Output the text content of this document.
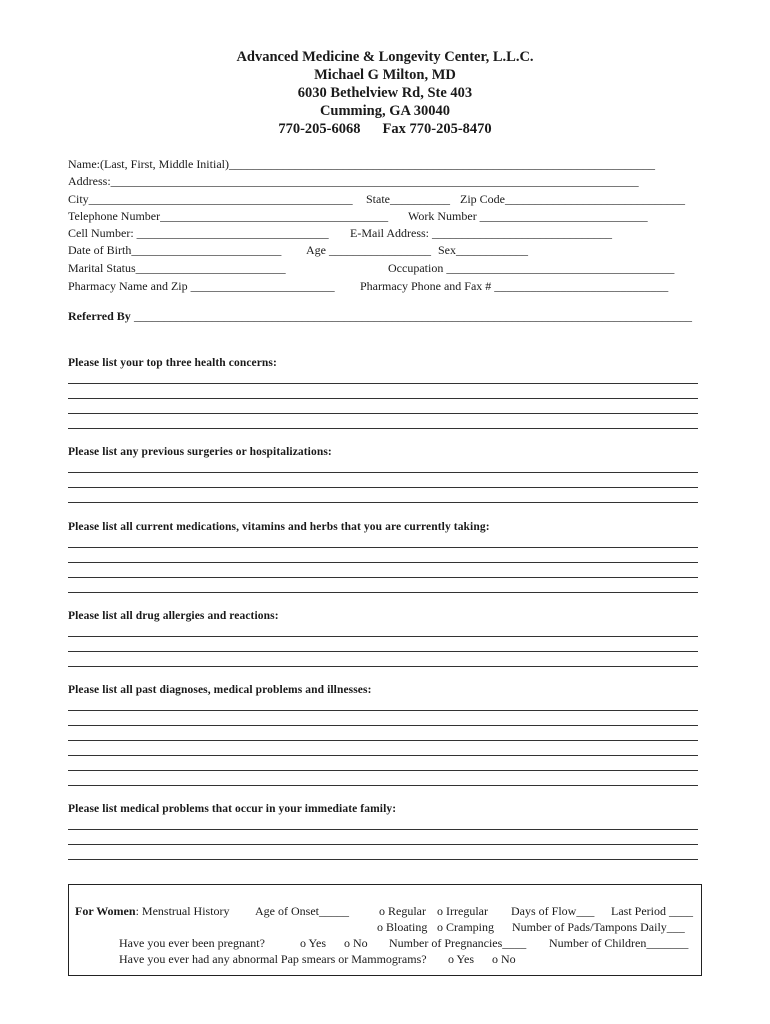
Advanced Medicine & Longevity Center, L.L.C.
Michael G Milton, MD
6030 Bethelview Rd, Ste 403
Cumming, GA 30040
770-205-6068 Fax 770-205-8470
Name:(Last, First, Middle Initial)_______________________________________________________________________
Address:________________________________________________________________________________________
City____________________________________________ State__________ Zip Code______________________________
Telephone Number______________________________________ Work Number ____________________________
Cell Number: ________________________________ E-Mail Address: ______________________________
Date of Birth_________________________ Age _________________ Sex____________
Marital Status_________________________	Occupation ______________________________________
Pharmacy Name and Zip ________________________ Pharmacy Phone and Fax # _____________________________
Referred By _____________________________________________________________________________________________
Please list your top three health concerns:
Please list any previous surgeries or hospitalizations:
Please list all current medications, vitamins and herbs that you are currently taking:
Please list all drug allergies and reactions:
Please list all past diagnoses, medical problems and illnesses:
Please list medical problems that occur in your immediate family:
For Women: Menstrual History Age of Onset_____	o Regular o Irregular Days of Flow___ Last Period ____
o Bloating o Cramping Number of Pads/Tampons Daily___
Have you ever been pregnant?	o Yes o No Number of Pregnancies____ Number of Children_______
Have you ever had any abnormal Pap smears or Mammograms? o Yes o No
